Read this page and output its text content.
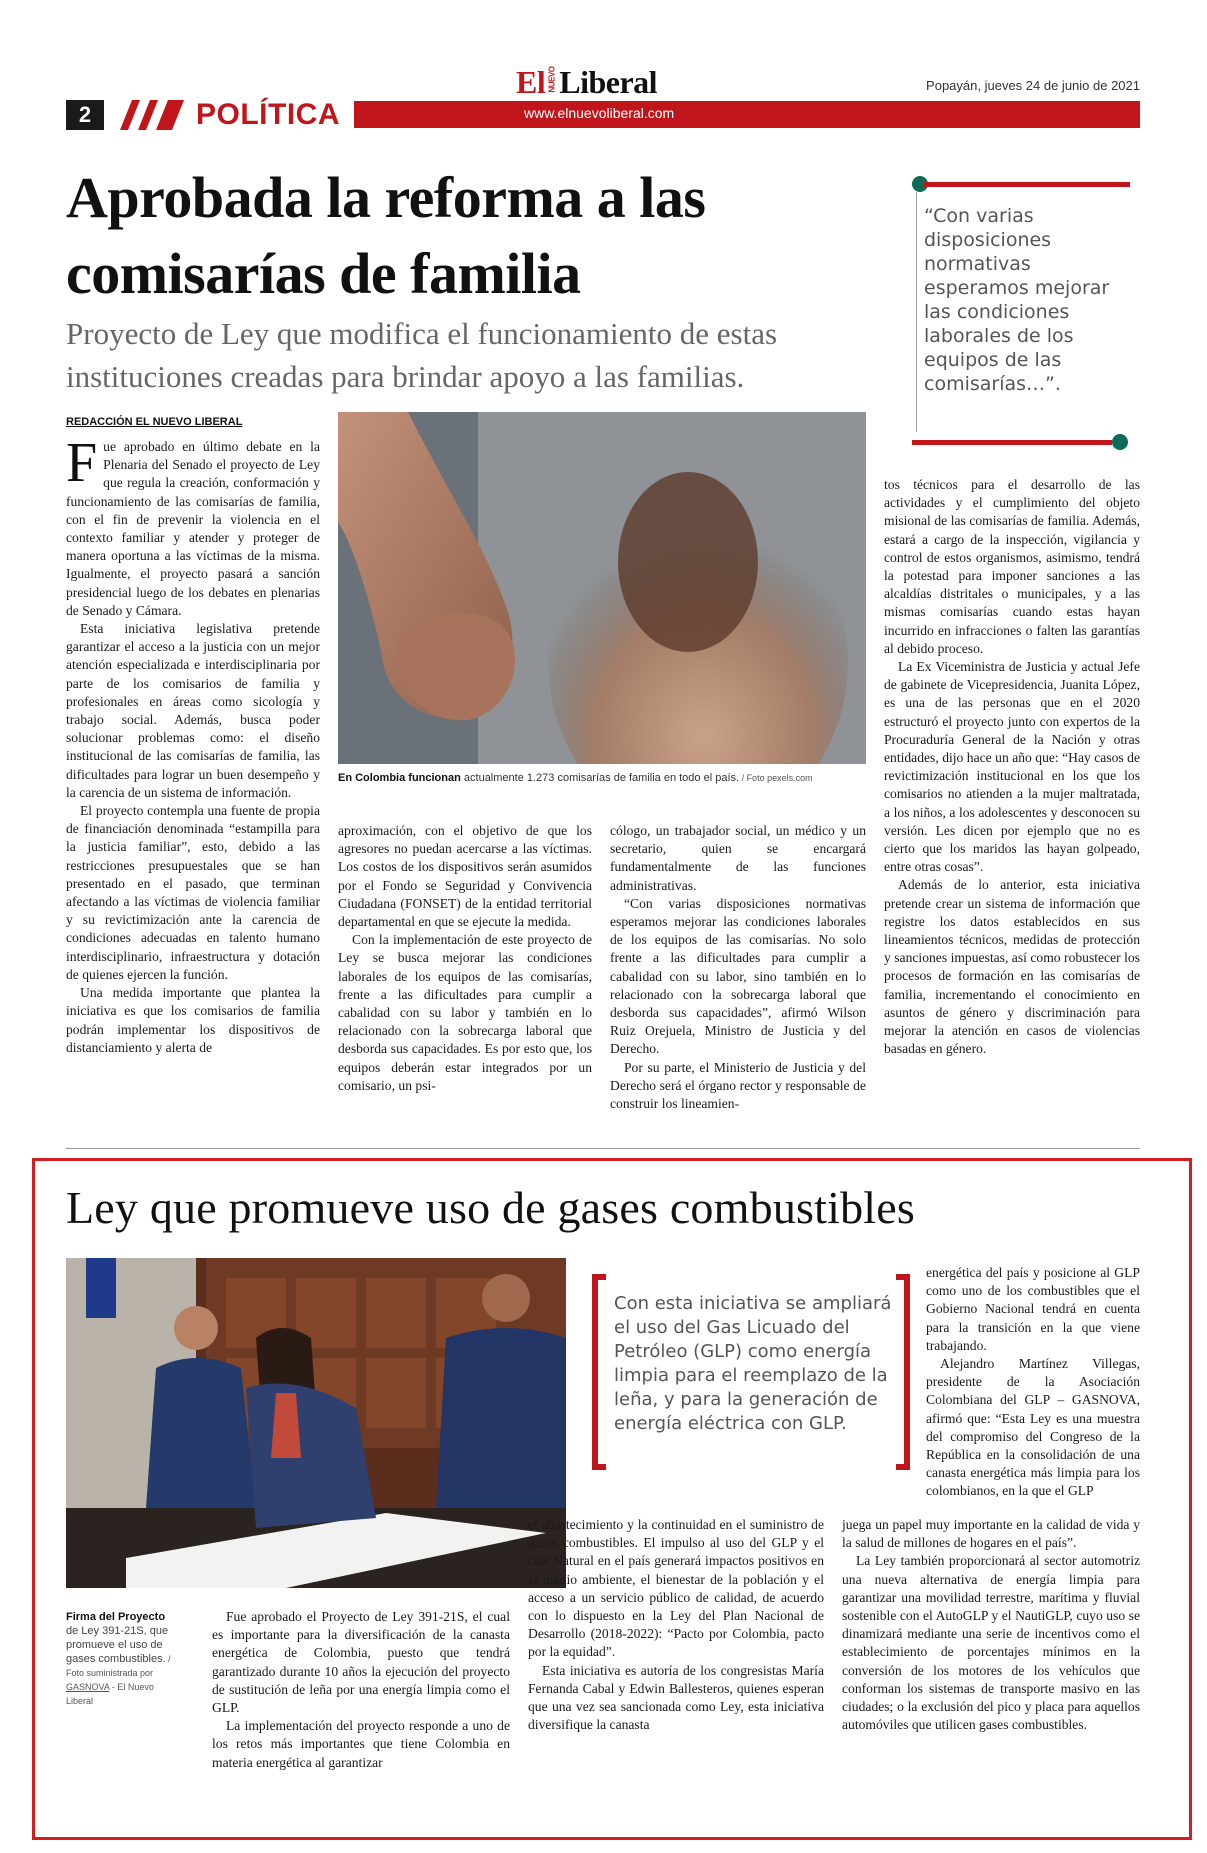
2	POLÍTICA
El NUEVOLiberal	Popayán, jueves 24 de junio de 2021
www.elnuevoliberal.com
Aprobada la reforma a las comisarías de familia
Proyecto de Ley que modifica el funcionamiento de estas instituciones creadas para brindar apoyo a las familias.
REDACCIÓN EL NUEVO LIBERAL
“Con varias disposiciones normativas esperamos mejorar las condiciones laborales de los equipos de las comisarías…”.

Fue aprobado en último debate en la Plenaria del Senado el proyecto de Ley que regula la creación, conformación y funcionamiento de las comisarías de familia, con el fin de prevenir la violencia en el contexto familiar y atender y proteger de manera oportuna a las víctimas de la misma. Igualmente, el proyecto pasará a sanción presidencial luego de los debates en plenarias de Senado y Cámara.

Esta iniciativa legislativa pretende garantizar el acceso a la justicia con un mejor atención especializada e interdisciplinaria por parte de los comisarios de familia y profesionales en áreas como sicología y trabajo social. Además, busca poder solucionar problemas como: el diseño institucional de las comisarías de familia, las dificultades para lograr un buen desempeño y la carencia de un sistema de información.

El proyecto contempla una fuente de propia de financiación denominada “estampilla para la justicia familiar”, esto, debido a las restricciones presupuestales que se han presentado en el pasado, que terminan afectando a las víctimas de violencia familiar y su revictimización ante la carencia de condiciones adecuadas en talento humano interdisciplinario, infraestructura y dotación de quienes ejercen la función.

Una medida importante que plantea la iniciativa es que los comisarios de familia podrán implementar los dispositivos de distanciamiento y alerta de

En Colombia funcionan actualmente 1.273 comisarías de familia en todo el país. / Foto pexels.com

aproximación, con el objetivo de que los agresores no puedan acercarse a las víctimas. Los costos de los dispositivos serán asumidos por el Fondo se Seguridad y Convivencia Ciudadana (FONSET) de la entidad territorial departamental en que se ejecute la medida.

Con la implementación de este proyecto de Ley se busca mejorar las condiciones laborales de los equipos de las comisarías, frente a las dificultades para cumplir a cabalidad con su labor y también en lo relacionado con la sobrecarga laboral que desborda sus capacidades. Es por esto que, los equipos deberán estar integrados por un comisario, un psi-

cólogo, un trabajador social, un médico y un secretario, quien se encargará fundamentalmente de las funciones administrativas.

“Con varias disposiciones normativas esperamos mejorar las condiciones laborales de los equipos de las comisarías. No solo frente a las dificultades para cumplir a cabalidad con su labor, sino también en lo relacionado con la sobrecarga laboral que desborda sus capacidades”, afirmó Wilson Ruiz Orejuela, Ministro de Justicia y del Derecho.

Por su parte, el Ministerio de Justicia y del Derecho será el órgano rector y responsable de construir los lineamien-

tos técnicos para el desarrollo de las actividades y el cumplimiento del objeto misional de las comisarías de familia. Además, estará a cargo de la inspección, vigilancia y control de estos organismos, asimismo, tendrá la potestad para imponer sanciones a las alcaldías distritales o municipales, y a las mismas comisarías cuando estas hayan incurrido en infracciones o falten las garantías al debido proceso.

La Ex Viceministra de Justicia y actual Jefe de gabinete de Vicepresidencia, Juanita López, es una de las personas que en el 2020 estructuró el proyecto junto con expertos de la Procuraduría General de la Nación y otras entidades, dijo hace un año que: “Hay casos de revictimización institucional en los que los comisarios no atienden a la mujer maltratada, a los niños, a los adolescentes y desconocen su versión. Les dicen por ejemplo que no es cierto que los maridos las hayan golpeado, entre otras cosas”.

Además de lo anterior, esta iniciativa pretende crear un sistema de información que registre los datos establecidos en sus lineamientos técnicos, medidas de protección y sanciones impuestas, así como robustecer los procesos de formación en las comisarías de familia, incrementando el conocimiento en asuntos de género y discriminación para mejorar la atención en casos de violencias basadas en género.

Ley que promueve uso de gases combustibles
Firma del Proyecto de Ley 391-21S, que promueve el uso de gases combustibles. / Foto suministrada por GASNOVA - El Nuevo Liberal
Con esta iniciativa se ampliará el uso del Gas Licuado del Petróleo (GLP) como energía limpia para el reemplazo de la leña, y para la generación de energía eléctrica con GLP.

Fue aprobado el Proyecto de Ley 391-21S, el cual es importante para la diversificación de la canasta energética de Colombia, puesto que tendrá garantizado durante 10 años la ejecución del proyecto de sustitución de leña por una energía limpia como el GLP.

La implementación del proyecto responde a uno de los retos más importantes que tiene Colombia en materia energética al garantizar

el abastecimiento y la continuidad en el suministro de gases combustibles. El impulso al uso del GLP y el Gas Natural en el país generará impactos positivos en el medio ambiente, el bienestar de la población y el acceso a un servicio público de calidad, de acuerdo con lo dispuesto en la Ley del Plan Nacional de Desarrollo (2018-2022): “Pacto por Colombia, pacto por la equidad”.

Esta iniciativa es autoría de los congresistas María Fernanda Cabal y Edwin Ballesteros, quienes esperan que una vez sea sancionada como Ley, esta iniciativa diversifique la canasta

energética del país y posicione al GLP como uno de los combustibles que el Gobierno Nacional tendrá en cuenta para la transición en la que viene trabajando.

Alejandro Martínez Villegas, presidente de la Asociación Colombiana del GLP – GASNOVA, afirmó que: “Esta Ley es una muestra del compromiso del Congreso de la República en la consolidación de una canasta energética más limpia para los colombianos, en la que el GLP

juega un papel muy importante en la calidad de vida y la salud de millones de hogares en el país”.

La Ley también proporcionará al sector automotriz una nueva alternativa de energía limpia para garantizar una movilidad terrestre, marítima y fluvial sostenible con el AutoGLP y el NautiGLP, cuyo uso se dinamizará mediante una serie de incentivos como el establecimiento de porcentajes mínimos en la conversión de los motores de los vehículos que conforman los sistemas de transporte masivo en las ciudades; o la exclusión del pico y placa para aquellos automóviles que utilicen gases combustibles.
